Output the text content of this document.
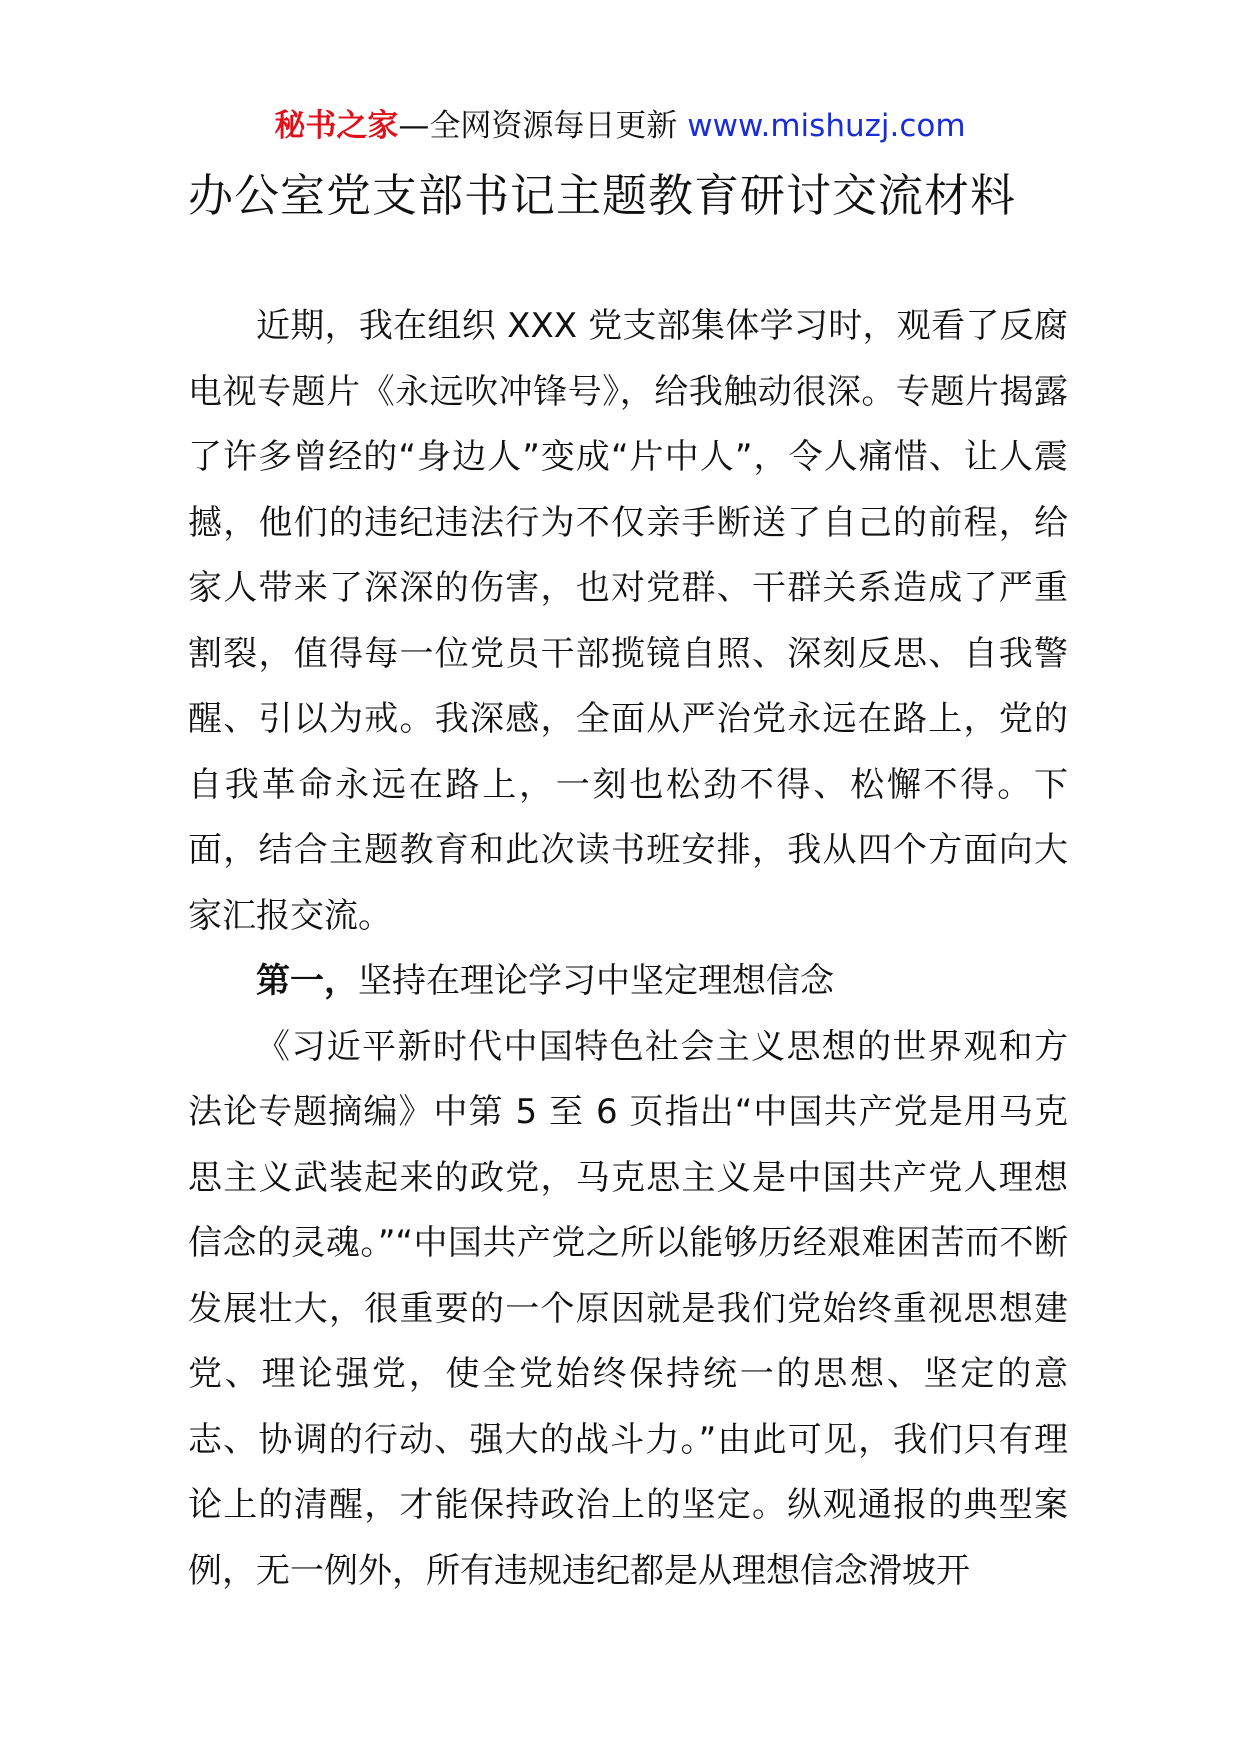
秘书之家—全网资源每日更新 www.mishuzj.com
办公室党支部书记主题教育研讨交流材料

近期，我在组织 XXX 党支部集体学习时，观看了反腐电视专题片《永远吹冲锋号》，给我触动很深。专题片揭露了许多曾经的“身边人”变成“片中人”，令人痛惜、让人震撼，他们的违纪违法行为不仅亲手断送了自己的前程，给家人带来了深深的伤害，也对党群、干群关系造成了严重割裂，值得每一位党员干部揽镜自照、深刻反思、自我警醒、引以为戒。我深感，全面从严治党永远在路上，党的自我革命永远在路上，一刻也松劲不得、松懈不得。下面，结合主题教育和此次读书班安排，我从四个方面向大家汇报交流。

第一，坚持在理论学习中坚定理想信念

《习近平新时代中国特色社会主义思想的世界观和方法论专题摘编》中第 5 至 6 页指出“中国共产党是用马克思主义武装起来的政党，马克思主义是中国共产党人理想信念的灵魂。”“中国共产党之所以能够历经艰难困苦而不断发展壮大，很重要的一个原因就是我们党始终重视思想建党、理论强党，使全党始终保持统一的思想、坚定的意志、协调的行动、强大的战斗力。”由此可见，我们只有理论上的清醒，才能保持政治上的坚定。纵观通报的典型案例，无一例外，所有违规违纪都是从理想信念滑坡开
